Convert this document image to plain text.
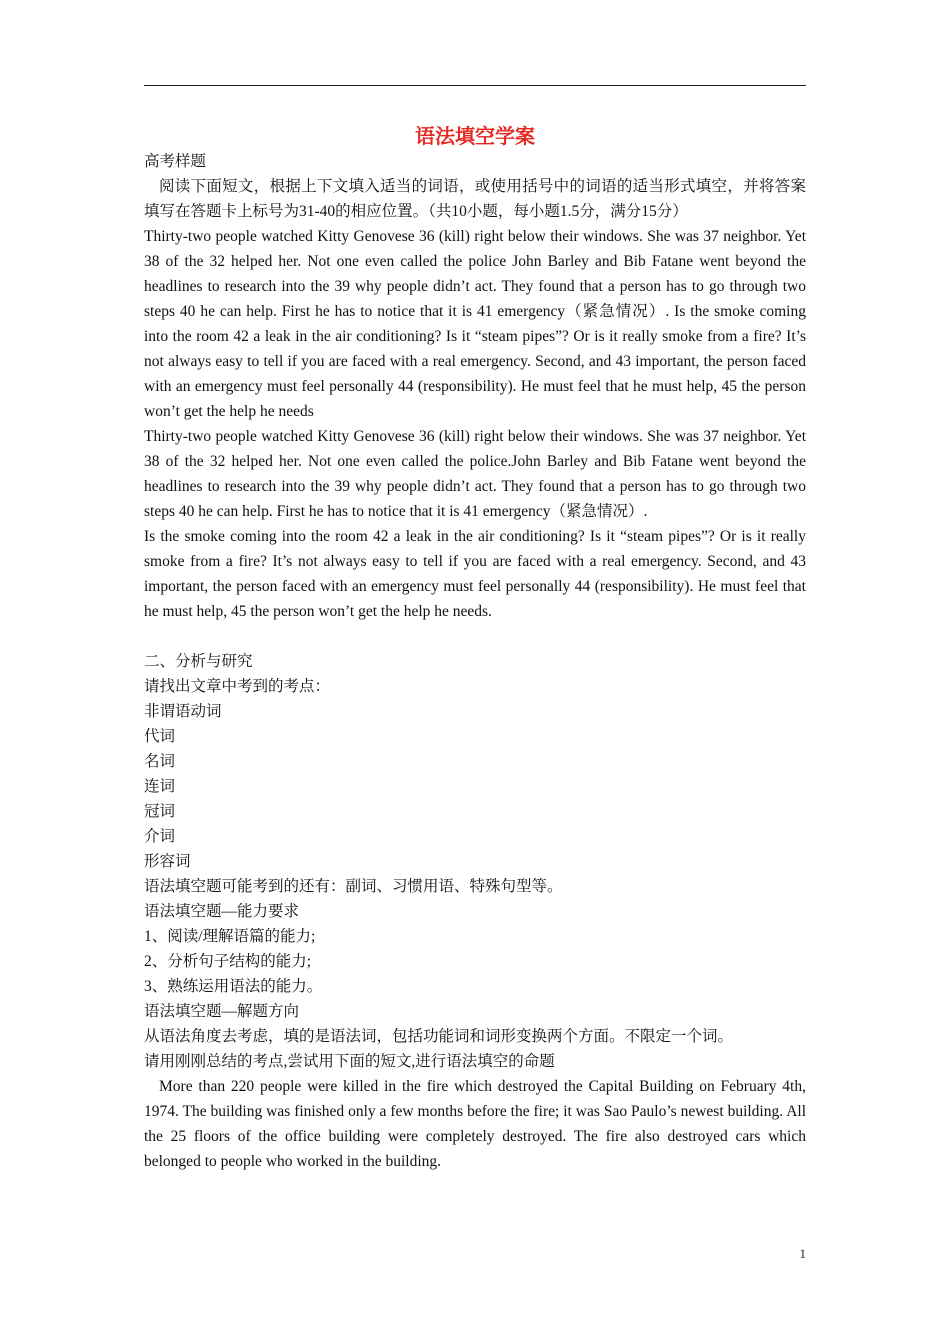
语法填空学案

高考样题

阅读下面短文，根据上下文填入适当的词语，或使用括号中的词语的适当形式填空，并将答案填写在答题卡上标号为31-40的相应位置。（共10小题，每小题1.5分，满分15分）

Thirty-two people watched Kitty Genovese 36 (kill) right below their windows. She was 37 neighbor. Yet 38 of the 32 helped her. Not one even called the police John Barley and Bib Fatane went beyond the headlines to research into the 39 why people didn’t act. They found that a person has to go through two steps 40 he can help. First he has to notice that it is 41 emergency（紧急情况）. Is the smoke coming into the room 42 a leak in the air conditioning? Is it “steam pipes”? Or is it really smoke from a fire? It’s not always easy to tell if you are faced with a real emergency. Second, and 43 important, the person faced with an emergency must feel personally 44 (responsibility). He must feel that he must help, 45 the person won’t get the help he needs

Thirty-two people watched Kitty Genovese 36 (kill) right below their windows. She was 37 neighbor. Yet 38 of the 32 helped her. Not one even called the police.John Barley and Bib Fatane went beyond the headlines to research into the 39 why people didn’t act. They found that a person has to go through two steps 40 he can help. First he has to notice that it is 41 emergency（紧急情况）.

Is the smoke coming into the room 42 a leak in the air conditioning? Is it “steam pipes”? Or is it really smoke from a fire? It’s not always easy to tell if you are faced with a real emergency. Second, and 43 important, the person faced with an emergency must feel personally 44 (responsibility). He must feel that he must help, 45 the person won’t get the help he needs.

二、分析与研究

请找出文章中考到的考点：

非谓语动词

代词

名词

连词

冠词

介词

形容词

语法填空题可能考到的还有：副词、习惯用语、特殊句型等。

语法填空题—能力要求

1、阅读/理解语篇的能力;

2、分析句子结构的能力;

3、熟练运用语法的能力。

语法填空题—解题方向

从语法角度去考虑，填的是语法词，包括功能词和词形变换两个方面。不限定一个词。

请用刚刚总结的考点,尝试用下面的短文,进行语法填空的命题

More than 220 people were killed in the fire which destroyed the Capital Building on February 4th, 1974. The building was finished only a few months before the fire; it was Sao Paulo’s newest building. All the 25 floors of the office building were completely destroyed. The fire also destroyed cars which belonged to people who worked in the building.

1
